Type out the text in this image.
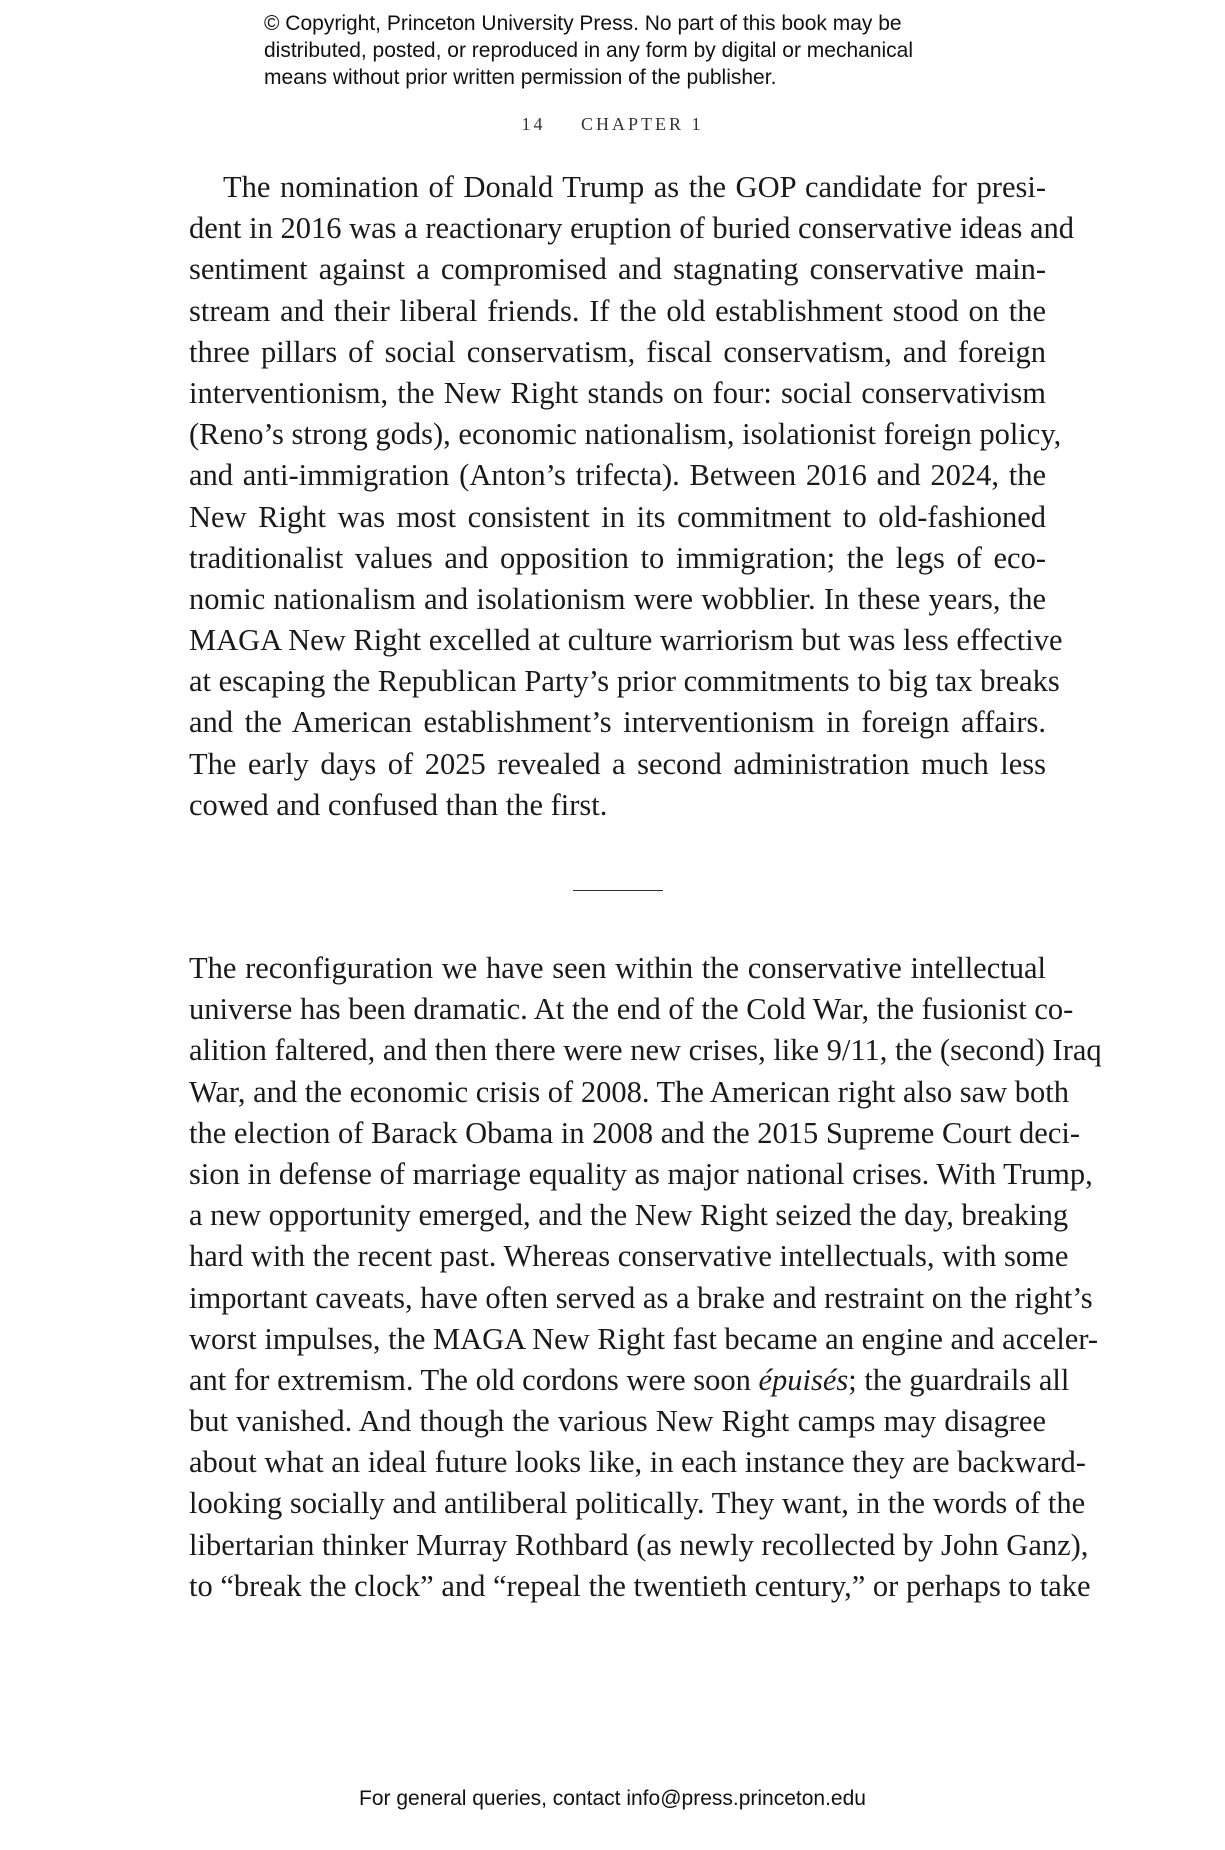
© Copyright, Princeton University Press. No part of this book may be
distributed, posted, or reproduced in any form by digital or mechanical
means without prior written permission of the publisher.
14 CHAPTER 1
The nomination of Donald Trump as the GOP candidate for presi-
dent in 2016 was a reactionary eruption of buried conservative ideas and
sentiment against a compromised and stagnating conservative main-
stream and their liberal friends. If the old establishment stood on the
three pillars of social conservatism, fiscal conservatism, and foreign
interventionism, the New Right stands on four: social conservativism
(Reno’s strong gods), economic nationalism, isolationist foreign policy,
and anti-immigration (Anton’s trifecta). Between 2016 and 2024, the
New Right was most consistent in its commitment to old-fashioned
traditionalist values and opposition to immigration; the legs of eco-
nomic nationalism and isolationism were wobblier. In these years, the
MAGA New Right excelled at culture warriorism but was less effective
at escaping the Republican Party’s prior commitments to big tax breaks
and the American establishment’s interventionism in foreign affairs.
The early days of 2025 revealed a second administration much less
cowed and confused than the first.
The reconfiguration we have seen within the conservative intellectual
universe has been dramatic. At the end of the Cold War, the fusionist co-
alition faltered, and then there were new crises, like 9/11, the (second) Iraq
War, and the economic crisis of 2008. The American right also saw both
the election of Barack Obama in 2008 and the 2015 Supreme Court deci-
sion in defense of marriage equality as major national crises. With Trump,
a new opportunity emerged, and the New Right seized the day, breaking
hard with the recent past. Whereas conservative intellectuals, with some
important caveats, have often served as a brake and restraint on the right’s
worst impulses, the MAGA New Right fast became an engine and acceler-
ant for extremism. The old cordons were soon épuisés; the guardrails all
but vanished. And though the various New Right camps may disagree
about what an ideal future looks like, in each instance they are backward-
looking socially and antiliberal politically. They want, in the words of the
libertarian thinker Murray Rothbard (as newly recollected by John Ganz),
to “break the clock” and “repeal the twentieth century,” or perhaps to take
For general queries, contact info@press.princeton.edu
